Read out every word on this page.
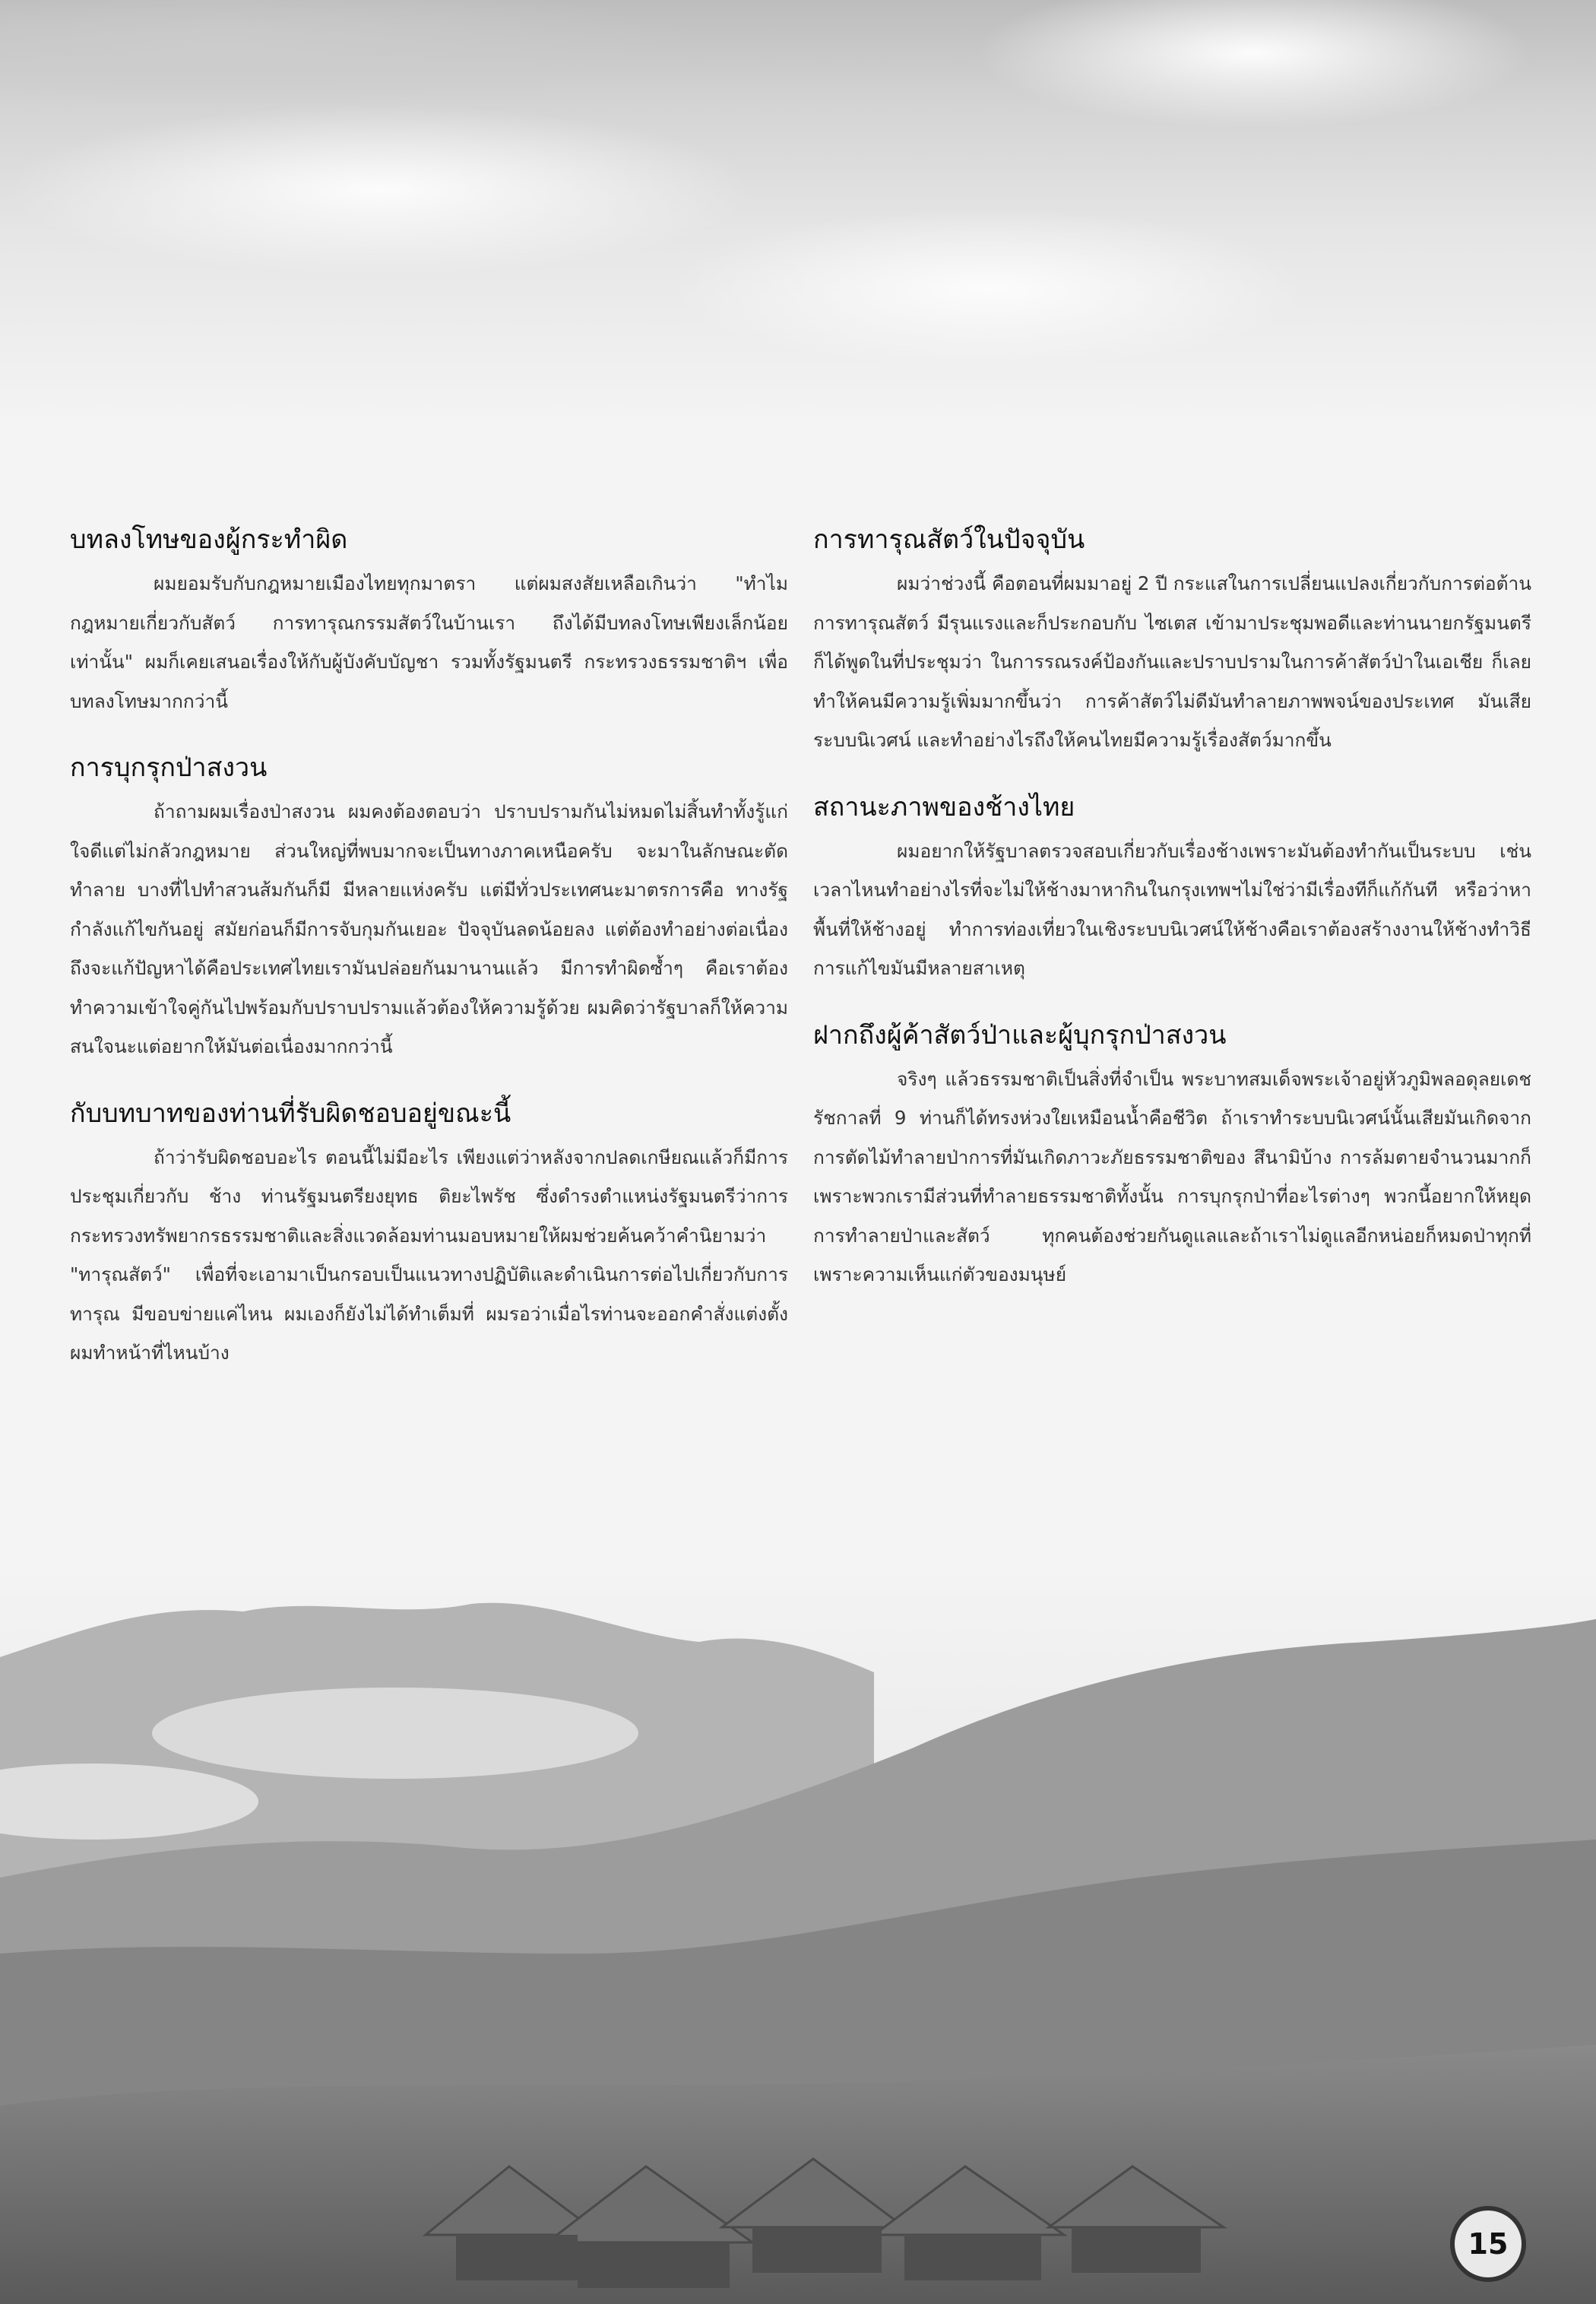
บทลงโทษของผู้กระทำผิด

ผมยอมรับกับกฎหมายเมืองไทยทุกมาตรา แต่ผมสงสัยเหลือเกินว่า "ทำไมกฎหมายเกี่ยวกับสัตว์ การทารุณกรรมสัตว์ในบ้านเรา ถึงได้มีบทลงโทษเพียงเล็กน้อยเท่านั้น" ผมก็เคยเสนอเรื่องให้กับผู้บังคับบัญชา รวมทั้งรัฐมนตรี กระทรวงธรรมชาติฯ เพื่อบทลงโทษมากกว่านี้

การบุกรุกป่าสงวน

ถ้าถามผมเรื่องป่าสงวน ผมคงต้องตอบว่า ปราบปรามกันไม่หมดไม่สิ้นทำทั้งรู้แก่ใจดีแต่ไม่กลัวกฎหมาย ส่วนใหญ่ที่พบมากจะเป็นทางภาคเหนือครับ จะมาในลักษณะตัดทำลาย บางที่ไปทำสวนส้มกันก็มี มีหลายแห่งครับ แต่มีทั่วประเทศนะมาตรการคือ ทางรัฐกำลังแก้ไขกันอยู่ สมัยก่อนก็มีการจับกุมกันเยอะ ปัจจุบันลดน้อยลง แต่ต้องทำอย่างต่อเนื่องถึงจะแก้ปัญหาได้คือประเทศไทยเรามันปล่อยกันมานานแล้ว มีการทำผิดซ้ำๆ คือเราต้องทำความเข้าใจคู่กันไปพร้อมกับปราบปรามแล้วต้องให้ความรู้ด้วย ผมคิดว่ารัฐบาลก็ให้ความสนใจนะแต่อยากให้มันต่อเนื่องมากกว่านี้

กับบทบาทของท่านที่รับผิดชอบอยู่ขณะนี้

ถ้าว่ารับผิดชอบอะไร ตอนนี้ไม่มีอะไร เพียงแต่ว่าหลังจากปลดเกษียณแล้วก็มีการประชุมเกี่ยวกับ ช้าง ท่านรัฐมนตรียงยุทธ ติยะไพรัช ซึ่งดำรงตำแหน่งรัฐมนตรีว่าการกระทรวงทรัพยากรธรรมชาติและสิ่งแวดล้อมท่านมอบหมายให้ผมช่วยค้นคว้าคำนิยามว่า "ทารุณสัตว์" เพื่อที่จะเอามาเป็นกรอบเป็นแนวทางปฏิบัติและดำเนินการต่อไปเกี่ยวกับการทารุณ มีขอบข่ายแค่ไหน ผมเองก็ยังไม่ได้ทำเต็มที่ ผมรอว่าเมื่อไรท่านจะออกคำสั่งแต่งตั้งผมทำหน้าที่ไหนบ้าง

การทารุณสัตว์ในปัจจุบัน

ผมว่าช่วงนี้ คือตอนที่ผมมาอยู่ 2 ปี กระแสในการเปลี่ยนแปลงเกี่ยวกับการต่อต้านการทารุณสัตว์ มีรุนแรงและก็ประกอบกับ ไซเตส เข้ามาประชุมพอดีและท่านนายกรัฐมนตรีก็ได้พูดในที่ประชุมว่า ในการรณรงค์ป้องกันและปราบปรามในการค้าสัตว์ป่าในเอเชีย ก็เลยทำให้คนมีความรู้เพิ่มมากขึ้นว่า การค้าสัตว์ไม่ดีมันทำลายภาพพจน์ของประเทศ มันเสียระบบนิเวศน์ และทำอย่างไรถึงให้คนไทยมีความรู้เรื่องสัตว์มากขึ้น

สถานะภาพของช้างไทย

ผมอยากให้รัฐบาลตรวจสอบเกี่ยวกับเรื่องช้างเพราะมันต้องทำกันเป็นระบบ เช่น เวลาไหนทำอย่างไรที่จะไม่ให้ช้างมาหากินในกรุงเทพฯไม่ใช่ว่ามีเรื่องทีก็แก้กันที หรือว่าหาพื้นที่ให้ช้างอยู่ ทำการท่องเที่ยวในเชิงระบบนิเวศน์ให้ช้างคือเราต้องสร้างงานให้ช้างทำวิธีการแก้ไขมันมีหลายสาเหตุ

ฝากถึงผู้ค้าสัตว์ป่าและผู้บุกรุกป่าสงวน

จริงๆ แล้วธรรมชาติเป็นสิ่งที่จำเป็น พระบาทสมเด็จพระเจ้าอยู่หัวภูมิพลอดุลยเดช รัชกาลที่ 9 ท่านก็ได้ทรงห่วงใยเหมือนน้ำคือชีวิต ถ้าเราทำระบบนิเวศน์นั้นเสียมันเกิดจากการตัดไม้ทำลายป่าการที่มันเกิดภาวะภัยธรรมชาติของ สึนามิบ้าง การล้มตายจำนวนมากก็เพราะพวกเรามีส่วนที่ทำลายธรรมชาติทั้งนั้น การบุกรุกป่าที่อะไรต่างๆ พวกนี้อยากให้หยุดการทำลายป่าและสัตว์ ทุกคนต้องช่วยกันดูแลและถ้าเราไม่ดูแลอีกหน่อยก็หมดป่าทุกที่เพราะความเห็นแก่ตัวของมนุษย์

15
